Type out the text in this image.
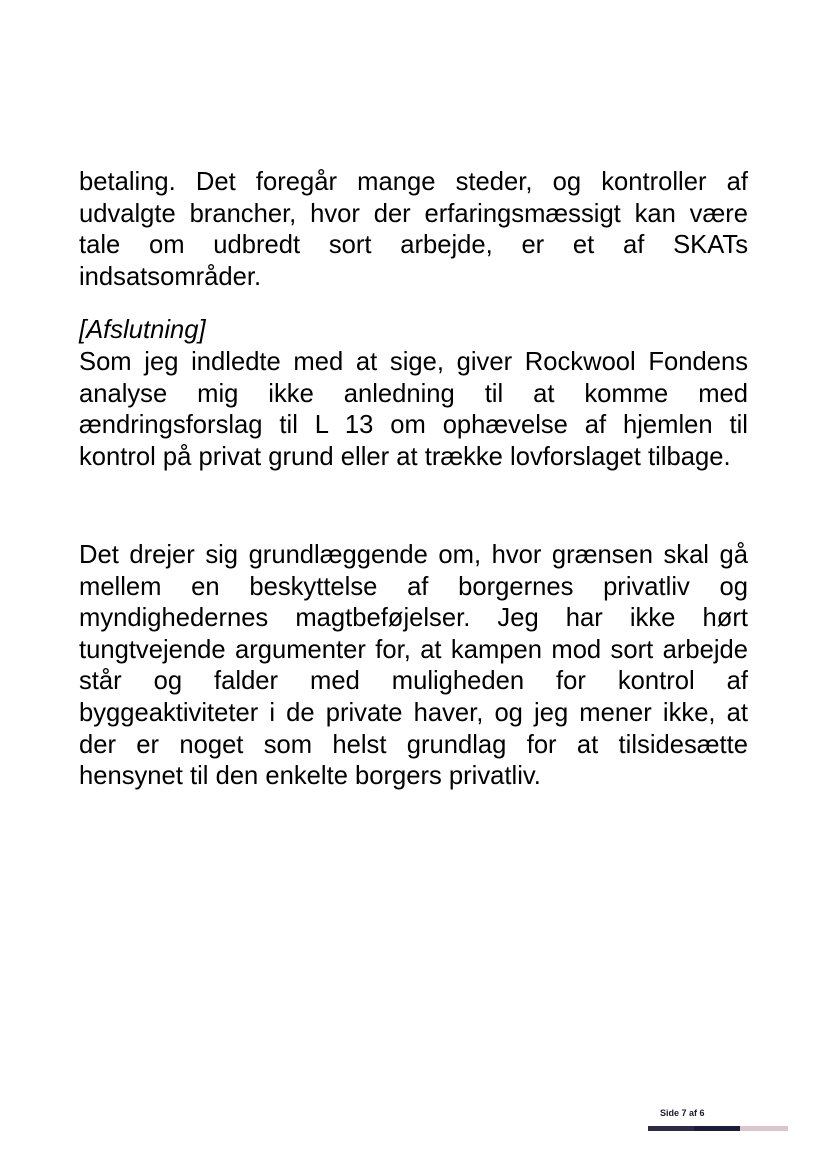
betaling. Det foregår mange steder, og kontroller af udvalgte brancher, hvor der erfaringsmæssigt kan være tale om udbredt sort arbejde, er et af SKATs indsatsområder.

[Afslutning]

Som jeg indledte med at sige, giver Rockwool Fondens analyse mig ikke anledning til at komme med ændringsforslag til L 13 om ophævelse af hjemlen til kontrol på privat grund eller at trække lovforslaget tilbage.

Det drejer sig grundlæggende om, hvor grænsen skal gå mellem en beskyttelse af borgernes privatliv og myndighedernes magtbeføjelser. Jeg har ikke hørt tungtvejende argumenter for, at kampen mod sort arbejde står og falder med muligheden for kontrol af byggeaktiviteter i de private haver, og jeg mener ikke, at der er noget som helst grundlag for at tilsidesætte hensynet til den enkelte borgers privatliv.

Side 7 af 6
